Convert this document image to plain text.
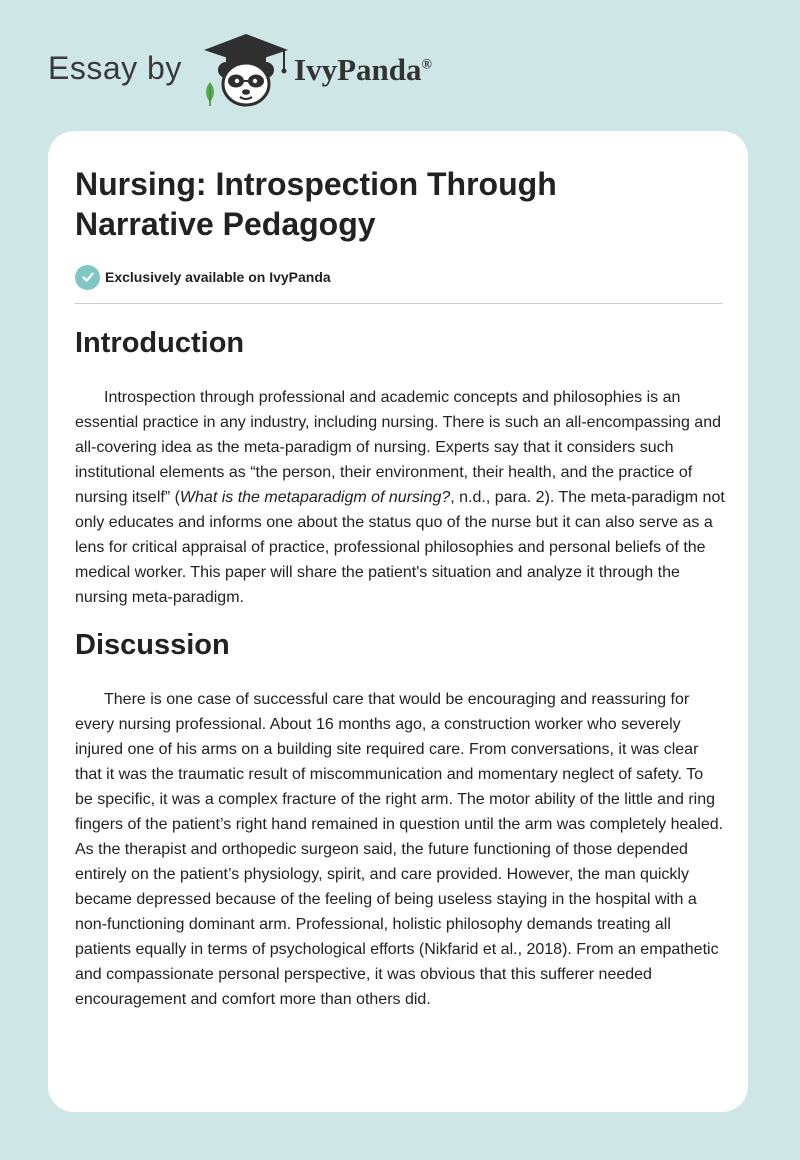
Essay by	IvyPanda®
Nursing: Introspection Through
Narrative Pedagogy
Exclusively available on IvyPanda
Introduction

Introspection through professional and academic concepts and philosophies is an essential practice in any industry, including nursing. There is such an all-encompassing and all-covering idea as the meta-paradigm of nursing. Experts say that it considers such institutional elements as “the person, their environment, their health, and the practice of nursing itself” (What is the metaparadigm of nursing?, n.d., para. 2). The meta-paradigm not only educates and informs one about the status quo of the nurse but it can also serve as a lens for critical appraisal of practice, professional philosophies and personal beliefs of the medical worker. This paper will share the patient's situation and analyze it through the nursing meta-paradigm.

Discussion

There is one case of successful care that would be encouraging and reassuring for every nursing professional. About 16 months ago, a construction worker who severely injured one of his arms on a building site required care. From conversations, it was clear that it was the traumatic result of miscommunication and momentary neglect of safety. To be specific, it was a complex fracture of the right arm. The motor ability of the little and ring fingers of the patient’s right hand remained in question until the arm was completely healed. As the therapist and orthopedic surgeon said, the future functioning of those depended entirely on the patient’s physiology, spirit, and care provided. However, the man quickly became depressed because of the feeling of being useless staying in the hospital with a non-functioning dominant arm. Professional, holistic philosophy demands treating all patients equally in terms of psychological efforts (Nikfarid et al., 2018). From an empathetic and compassionate personal perspective, it was obvious that this sufferer needed encouragement and comfort more than others did.
